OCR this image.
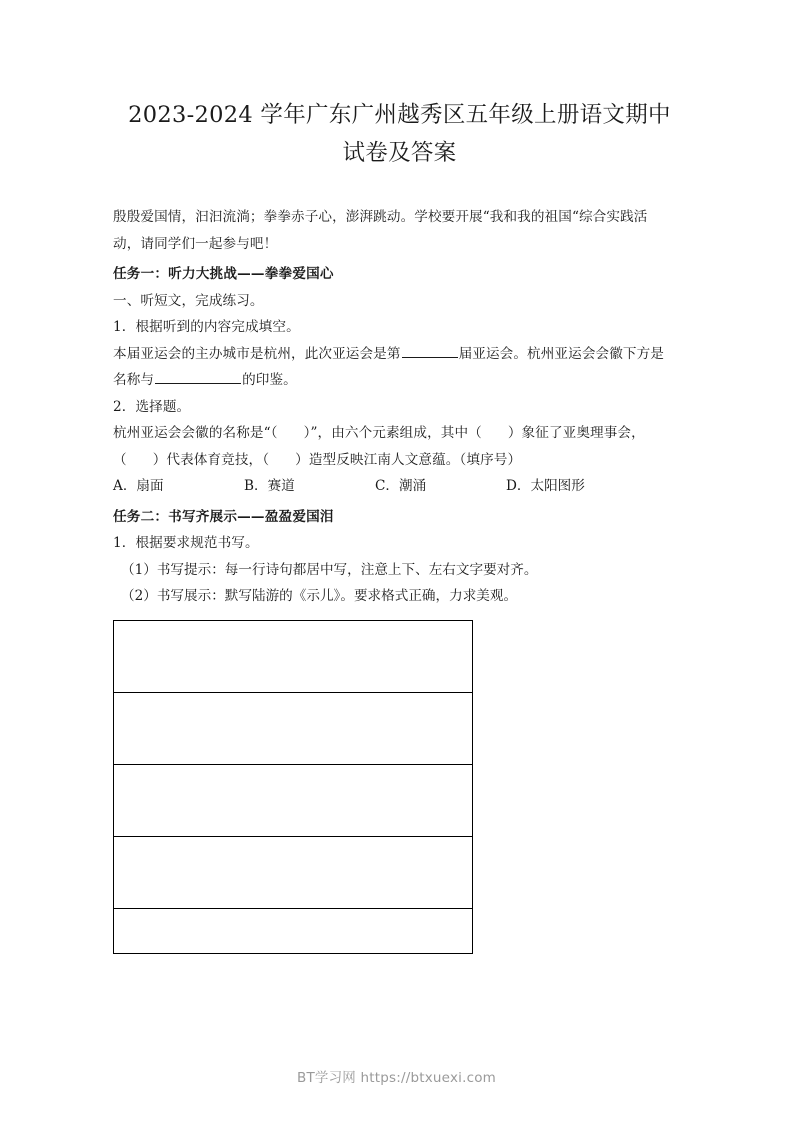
2023-2024 学年广东广州越秀区五年级上册语文期中试卷及答案

殷殷爱国情，汩汩流淌；拳拳赤子心，澎湃跳动。学校要开展“我和我的祖国“综合实践活

动，请同学们一起参与吧！

任务一：听力大挑战——拳拳爱国心

一、听短文，完成练习。

1．根据听到的内容完成填空。

本届亚运会的主办城市是杭州，此次亚运会是第	届亚运会。杭州亚运会会徽下方是

名称与	的印鉴。

2．选择题。

杭州亚运会会徽的名称是“（ ）”，由六个元素组成，其中（ ）象征了亚奥理事会，

（ ）代表体育竞技，（ ）造型反映江南人文意蕴。（填序号）

A．扇面	B．赛道	C．潮涌	D．太阳图形

任务二：书写齐展示——盈盈爱国泪

1．根据要求规范书写。

（1）书写提示：每一行诗句都居中写，注意上下、左右文字要对齐。

（2）书写展示：默写陆游的《示儿》。要求格式正确，力求美观。

BT学习网 https://btxuexi.com
